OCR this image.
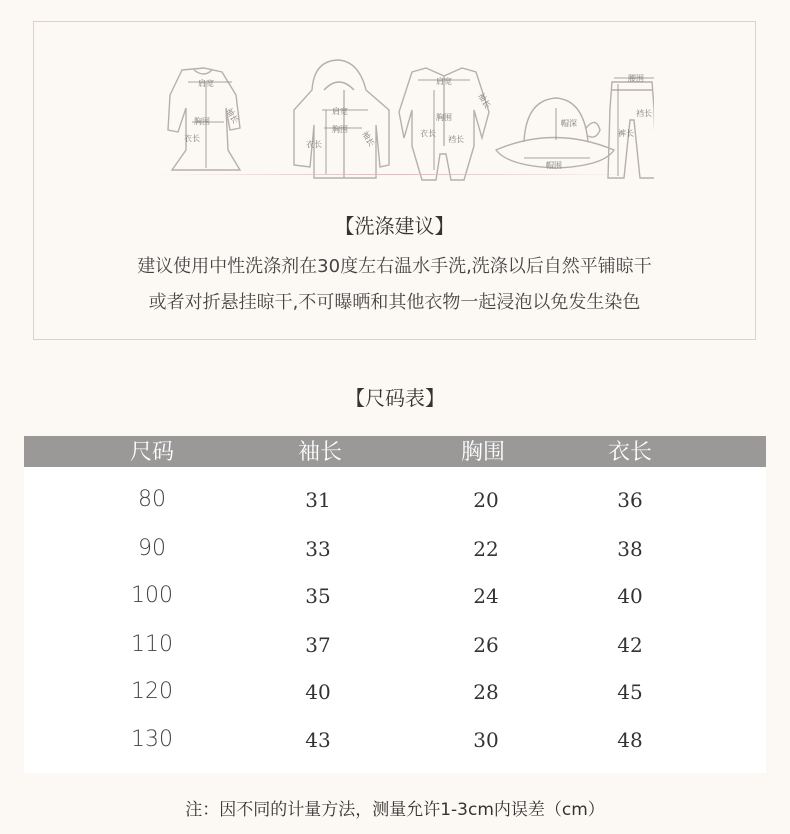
肩宽
胸围
衣长
袖长	肩宽
胸围
衣长	袖长
肩宽
袖长
胸围
衣长
裆长
帽深
帽围
腰围
裆长
裤长
【洗涤建议】
建议使用中性洗涤剂在30度左右温水手洗,洗涤以后自然平铺晾干
或者对折悬挂晾干,不可曝晒和其他衣物一起浸泡以免发生染色
【尺码表】
尺码	袖长	胸围	衣长
80	31	20	36
90	33	22	38
100	35	24	40
110	37	26	42
120	40	28	45
130	43	30	48
注：因不同的计量方法，测量允许1-3cm内误差（cm）
